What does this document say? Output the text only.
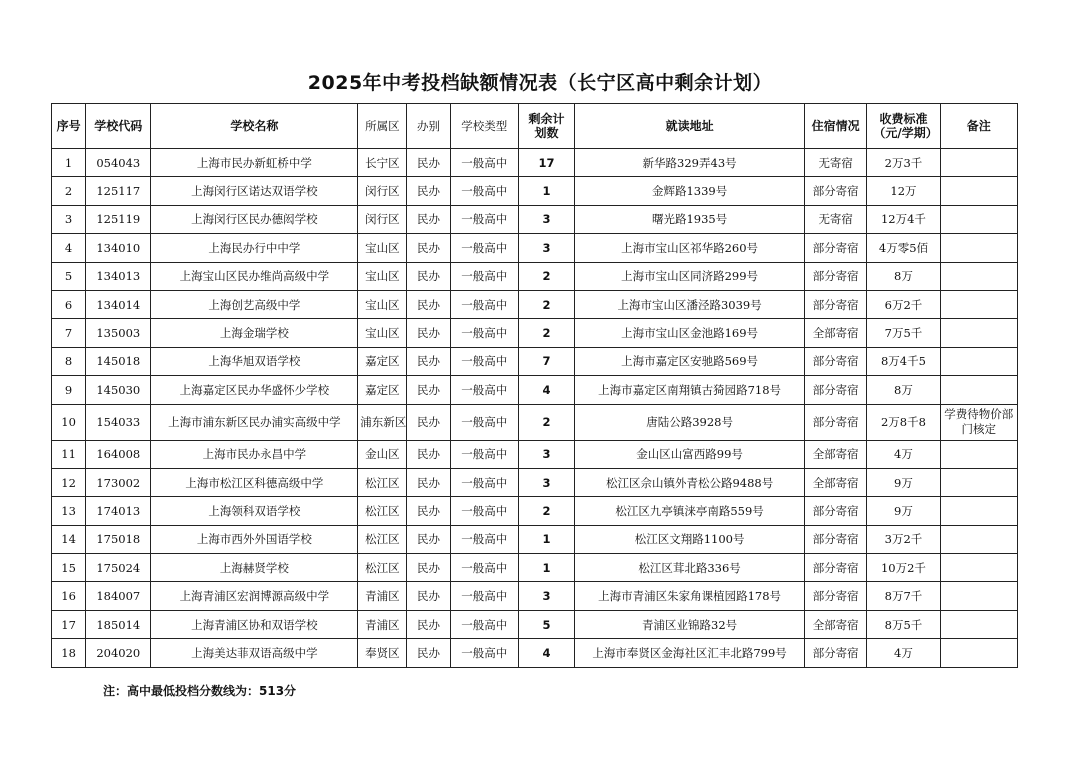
2025年中考投档缺额情况表（长宁区高中剩余计划）
序号	学校代码	学校名称	所属区	办别	学校类型	剩余计划数	就读地址	住宿情况	收费标准（元/学期）	备注
1	054043	上海市民办新虹桥中学	长宁区	民办	一般高中	17	新华路329弄43号	无寄宿	2万3千	
2	125117	上海闵行区诺达双语学校	闵行区	民办	一般高中	1	金辉路1339号	部分寄宿	12万	
3	125119	上海闵行区民办德闳学校	闵行区	民办	一般高中	3	曙光路1935号	无寄宿	12万4千	
4	134010	上海民办行中中学	宝山区	民办	一般高中	3	上海市宝山区祁华路260号	部分寄宿	4万零5佰	
5	134013	上海宝山区民办维尚高级中学	宝山区	民办	一般高中	2	上海市宝山区同济路299号	部分寄宿	8万	
6	134014	上海创艺高级中学	宝山区	民办	一般高中	2	上海市宝山区潘泾路3039号	部分寄宿	6万2千	
7	135003	上海金瑞学校	宝山区	民办	一般高中	2	上海市宝山区金池路169号	全部寄宿	7万5千	
8	145018	上海华旭双语学校	嘉定区	民办	一般高中	7	上海市嘉定区安驰路569号	部分寄宿	8万4千5	
9	145030	上海嘉定区民办华盛怀少学校	嘉定区	民办	一般高中	4	上海市嘉定区南翔镇古猗园路718号	部分寄宿	8万	
10	154033	上海市浦东新区民办浦实高级中学	浦东新区	民办	一般高中	2	唐陆公路3928号	部分寄宿	2万8千8	学费待物价部门核定
11	164008	上海市民办永昌中学	金山区	民办	一般高中	3	金山区山富西路99号	全部寄宿	4万	
12	173002	上海市松江区科德高级中学	松江区	民办	一般高中	3	松江区佘山镇外青松公路9488号	全部寄宿	9万	
13	174013	上海领科双语学校	松江区	民办	一般高中	2	松江区九亭镇涞亭南路559号	部分寄宿	9万	
14	175018	上海市西外外国语学校	松江区	民办	一般高中	1	松江区文翔路1100号	部分寄宿	3万2千	
15	175024	上海赫贤学校	松江区	民办	一般高中	1	松江区茸北路336号	部分寄宿	10万2千	
16	184007	上海青浦区宏润博源高级中学	青浦区	民办	一般高中	3	上海市青浦区朱家角课植园路178号	部分寄宿	8万7千	
17	185014	上海青浦区协和双语学校	青浦区	民办	一般高中	5	青浦区业锦路32号	全部寄宿	8万5千	
18	204020	上海美达菲双语高级中学	奉贤区	民办	一般高中	4	上海市奉贤区金海社区汇丰北路799号	部分寄宿	4万	
注：高中最低投档分数线为：513分
